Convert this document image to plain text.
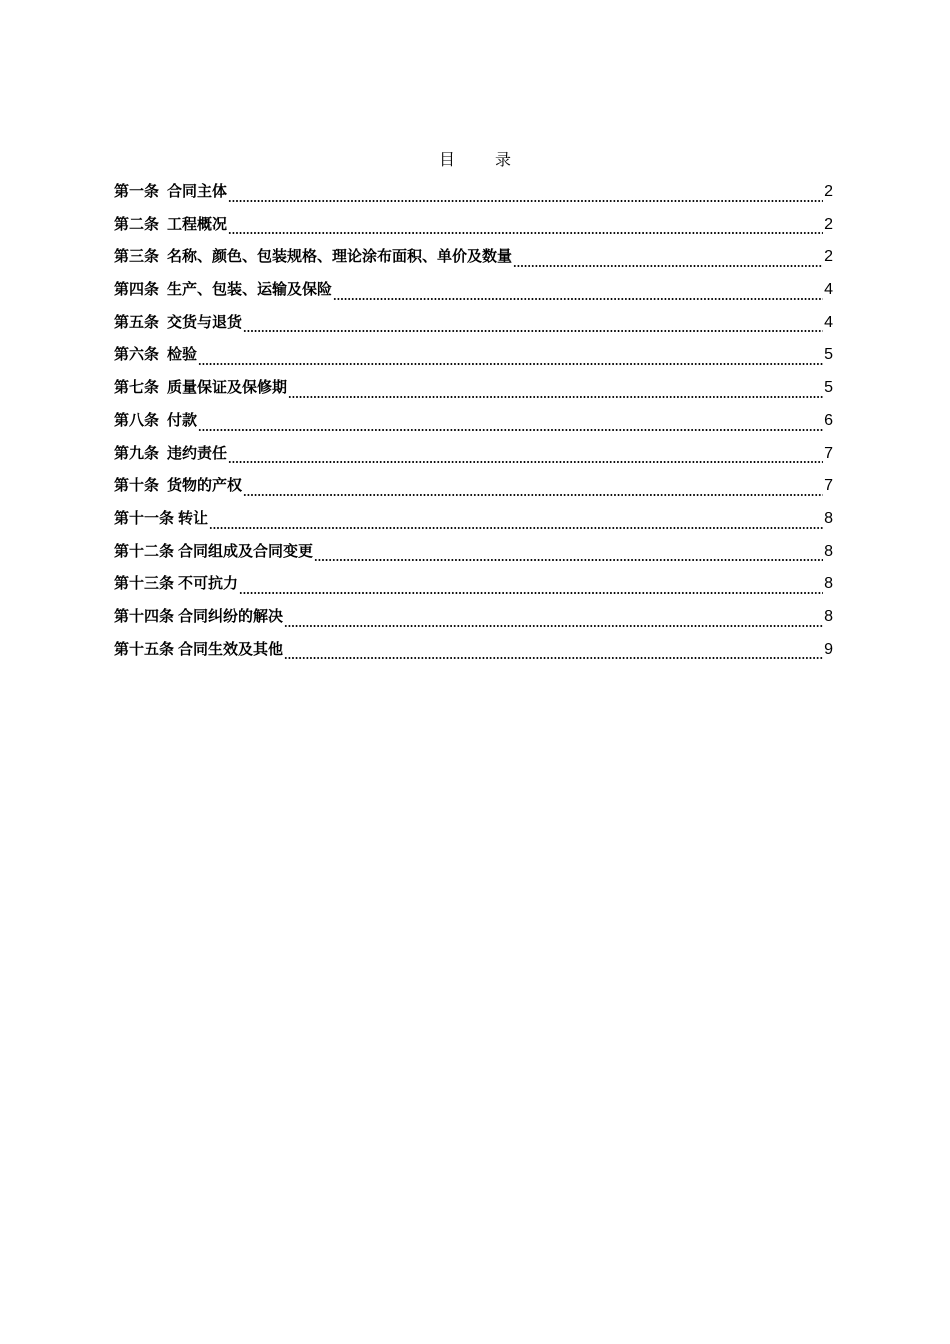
目录
第一条 合同主体	2
第二条 工程概况	2
第三条 名称、颜色、包装规格、理论涂布面积、单价及数量	2
第四条 生产、包装、运输及保险	4
第五条 交货与退货	4
第六条 检验	5
第七条 质量保证及保修期	5
第八条 付款	6
第九条 违约责任	7
第十条 货物的产权	7
第十一条 转让	8
第十二条 合同组成及合同变更	8
第十三条 不可抗力	8
第十四条 合同纠纷的解决	8
第十五条 合同生效及其他	9
